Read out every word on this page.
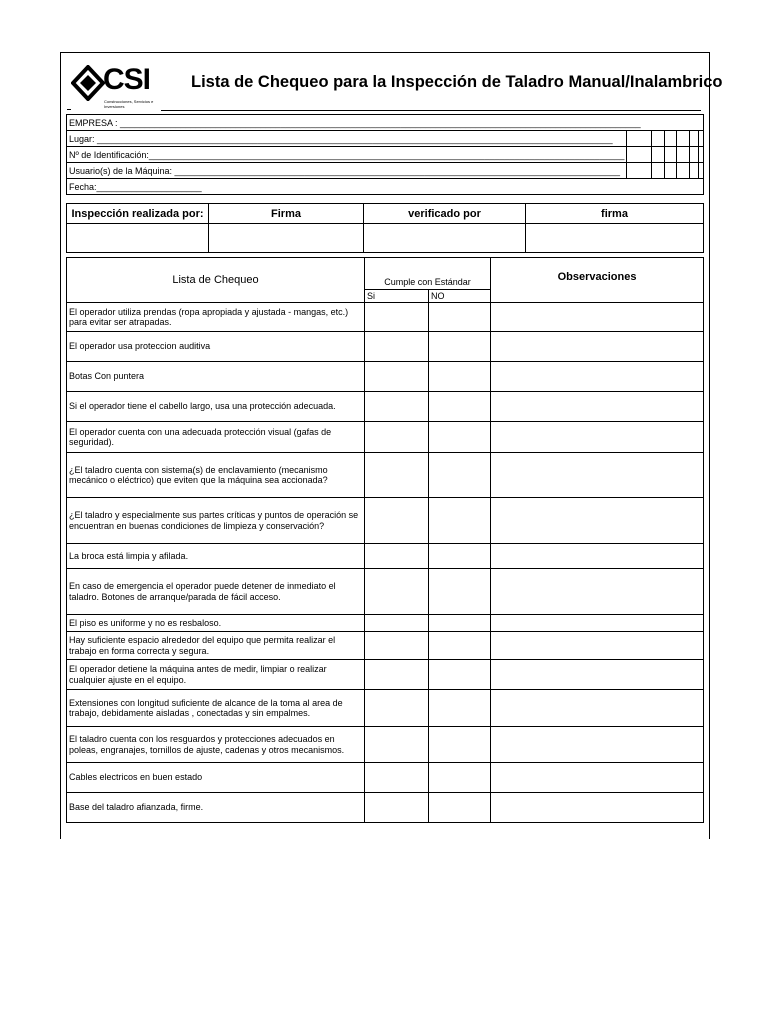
CSI
Construcciones, Servicios e Inversiones
Lista de Chequeo para la Inspección de Taladro Manual/Inalambrico
EMPRESA : ________________________________________________________________________________________________________						
Lugar: _______________________________________________________________________________________________________						
Nº de Identificación:_______________________________________________________________________________________________						
Usuario(s) de la Máquina: _________________________________________________________________________________________						
Fecha:_____________________						
Inspección realizada por:	Firma	verificado por	firma

Lista de Chequeo	Cumple con Estándar		Observaciones
	Si	NO	
El operador utiliza prendas (ropa apropiada y ajustada - mangas, etc.) para evitar ser atrapadas.			
El operador usa proteccion auditiva			
Botas Con puntera			
Si el operador tiene el cabello largo, usa una protección adecuada.			
El operador cuenta con una adecuada protección visual (gafas de seguridad).			
¿El taladro cuenta con sistema(s) de enclavamiento (mecanismo mecánico o eléctrico) que eviten que la máquina sea accionada?			
¿El taladro y especialmente sus partes críticas y puntos de operación se encuentran en buenas condiciones de limpieza y conservación?			
La broca está limpia y afilada.			
En caso de emergencia el operador puede detener de inmediato el taladro. Botones de arranque/parada de fácil acceso.			
El piso es uniforme y no es resbaloso.			
Hay suficiente espacio alrededor del equipo que permita realizar el trabajo en forma correcta y segura.			
El operador detiene la máquina antes de medir, limpiar o realizar cualquier ajuste en el equipo.			
Extensiones con longitud suficiente de alcance de la toma al area de trabajo, debidamente aisladas , conectadas y sin empalmes.			
El taladro cuenta con los resguardos y protecciones adecuados en poleas, engranajes, tornillos de ajuste, cadenas y otros mecanismos.			
Cables electricos en buen estado			
Base del taladro afianzada, firme.			
